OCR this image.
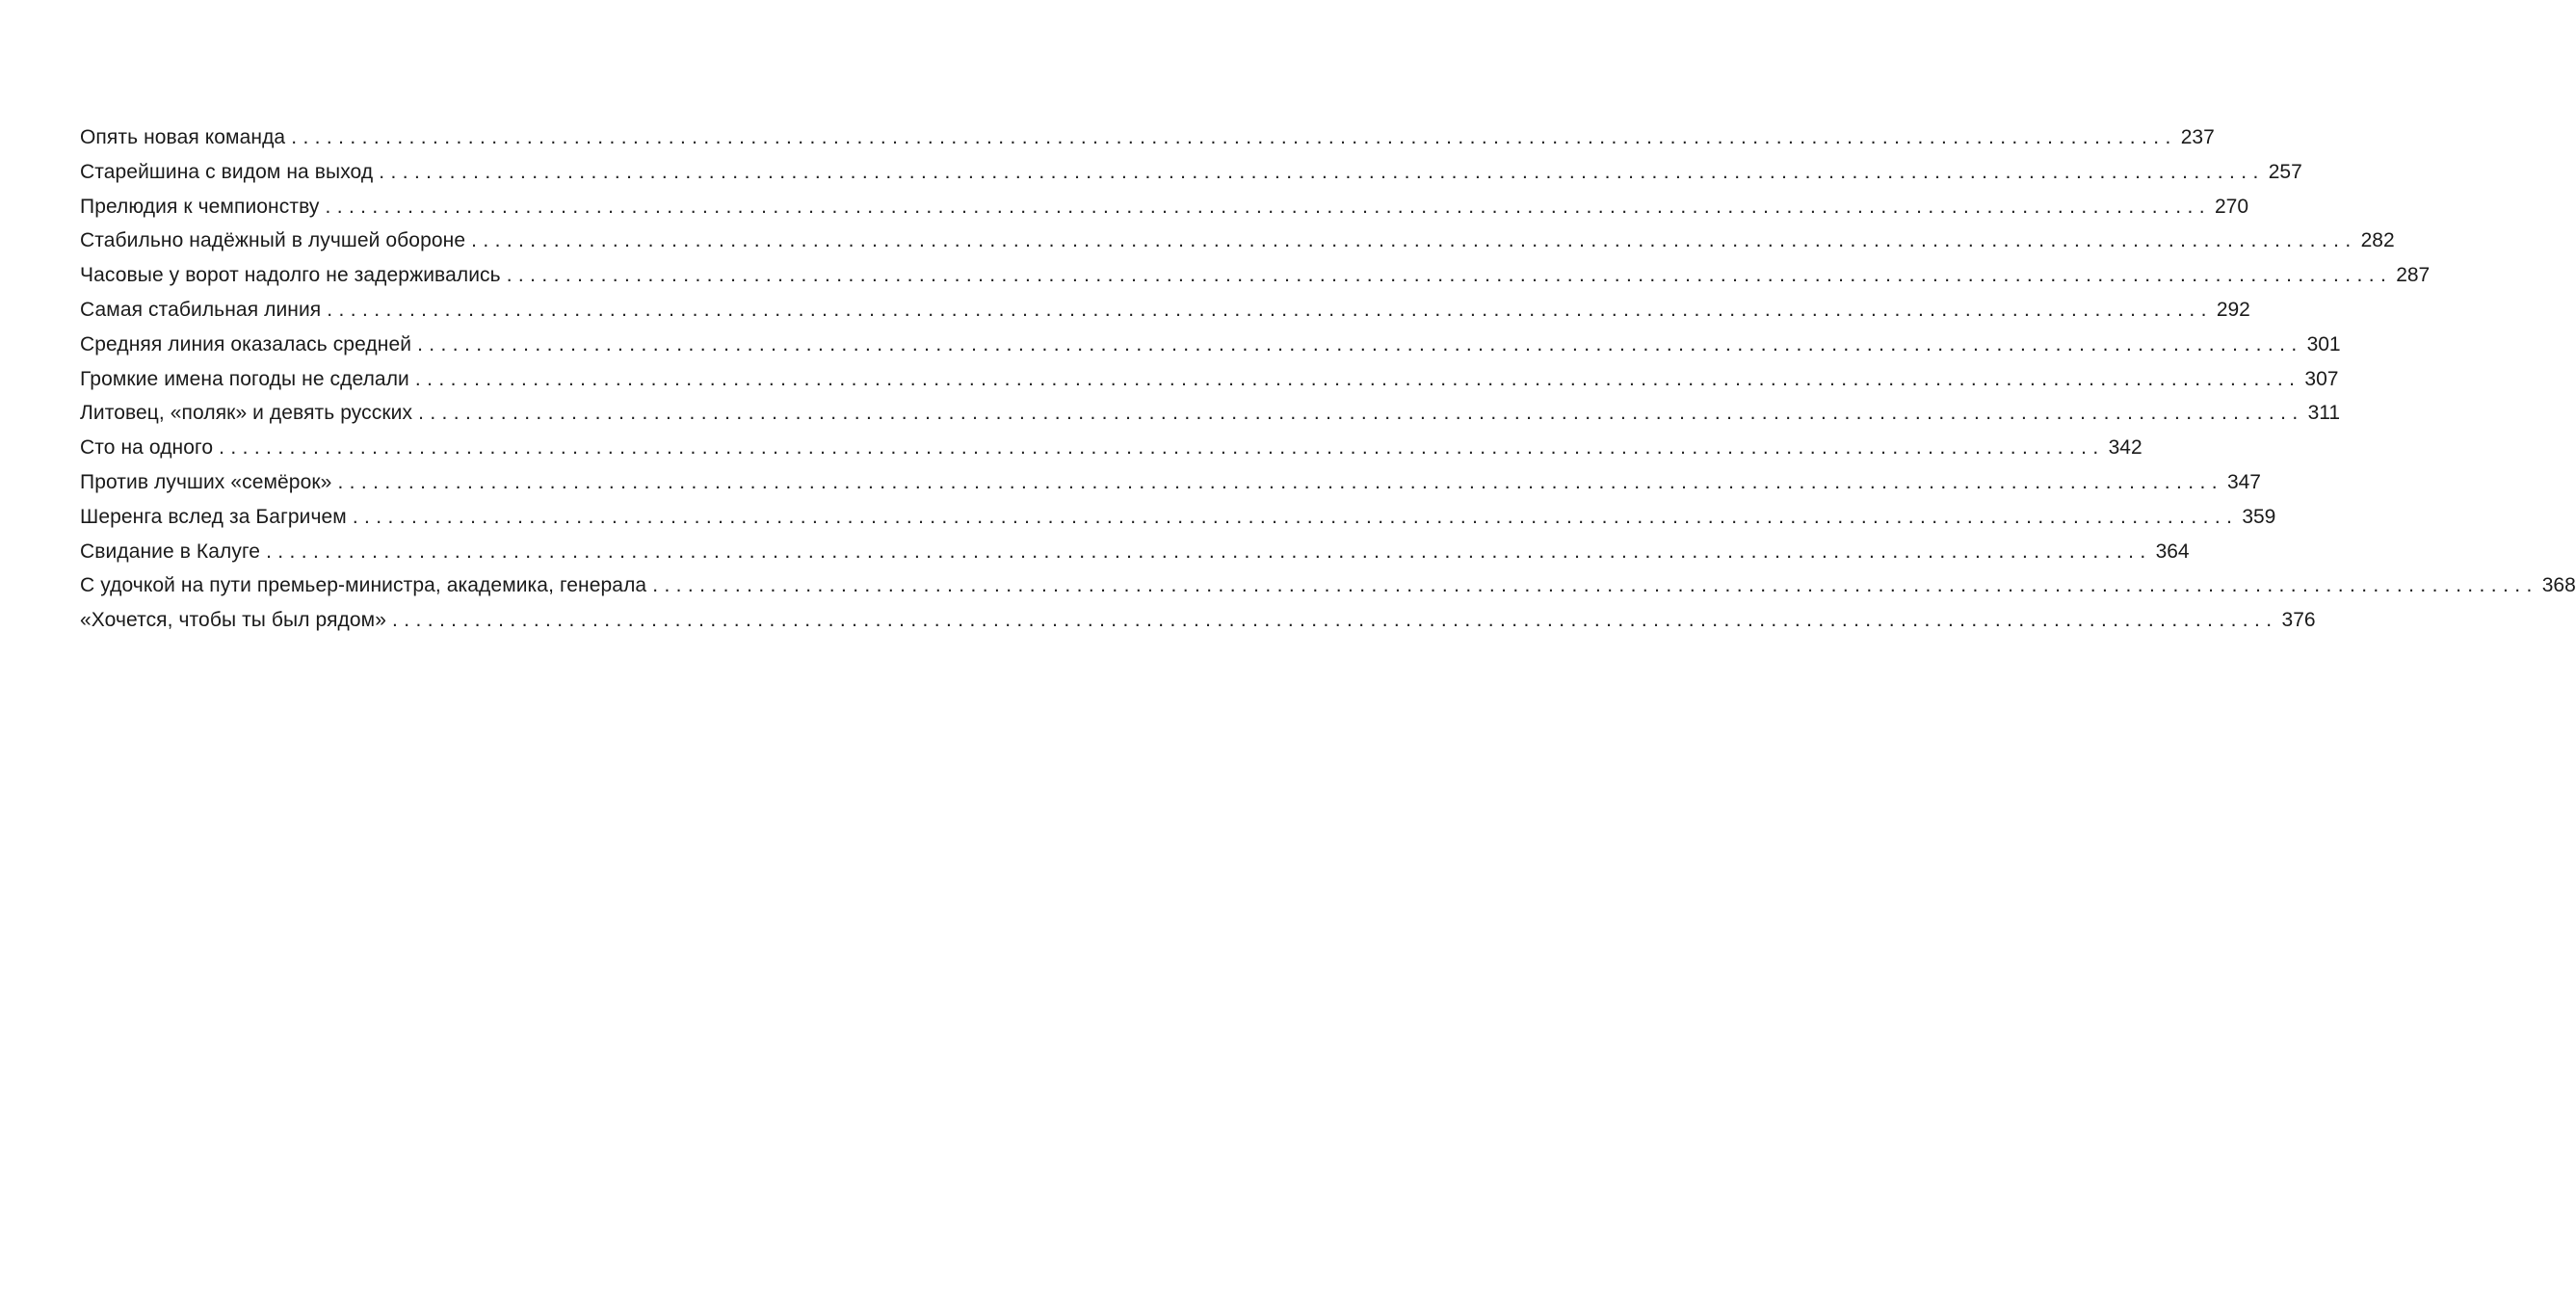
Опять новая команда ................................................................................................................................................................ 237
Старейшина с видом на выход ................................................................................................................................................................ 257
Прелюдия к чемпионству ................................................................................................................................................................ 270
Стабильно надёжный в лучшей обороне ................................................................................................................................................................ 282
Часовые у ворот надолго не задерживались ................................................................................................................................................................ 287
Самая стабильная линия ................................................................................................................................................................ 292
Средняя линия оказалась средней ................................................................................................................................................................ 301
Громкие имена погоды не сделали ................................................................................................................................................................ 307
Литовец, «поляк» и девять русских ................................................................................................................................................................ 311
Сто на одного ................................................................................................................................................................ 342
Против лучших «семёрок» ................................................................................................................................................................ 347
Шеренга вслед за Багричем ................................................................................................................................................................ 359
Свидание в Калуге ................................................................................................................................................................ 364
С удочкой на пути премьер-министра, академика, генерала ................................................................................................................................................................ 368
«Хочется, чтобы ты был рядом» ................................................................................................................................................................ 376
